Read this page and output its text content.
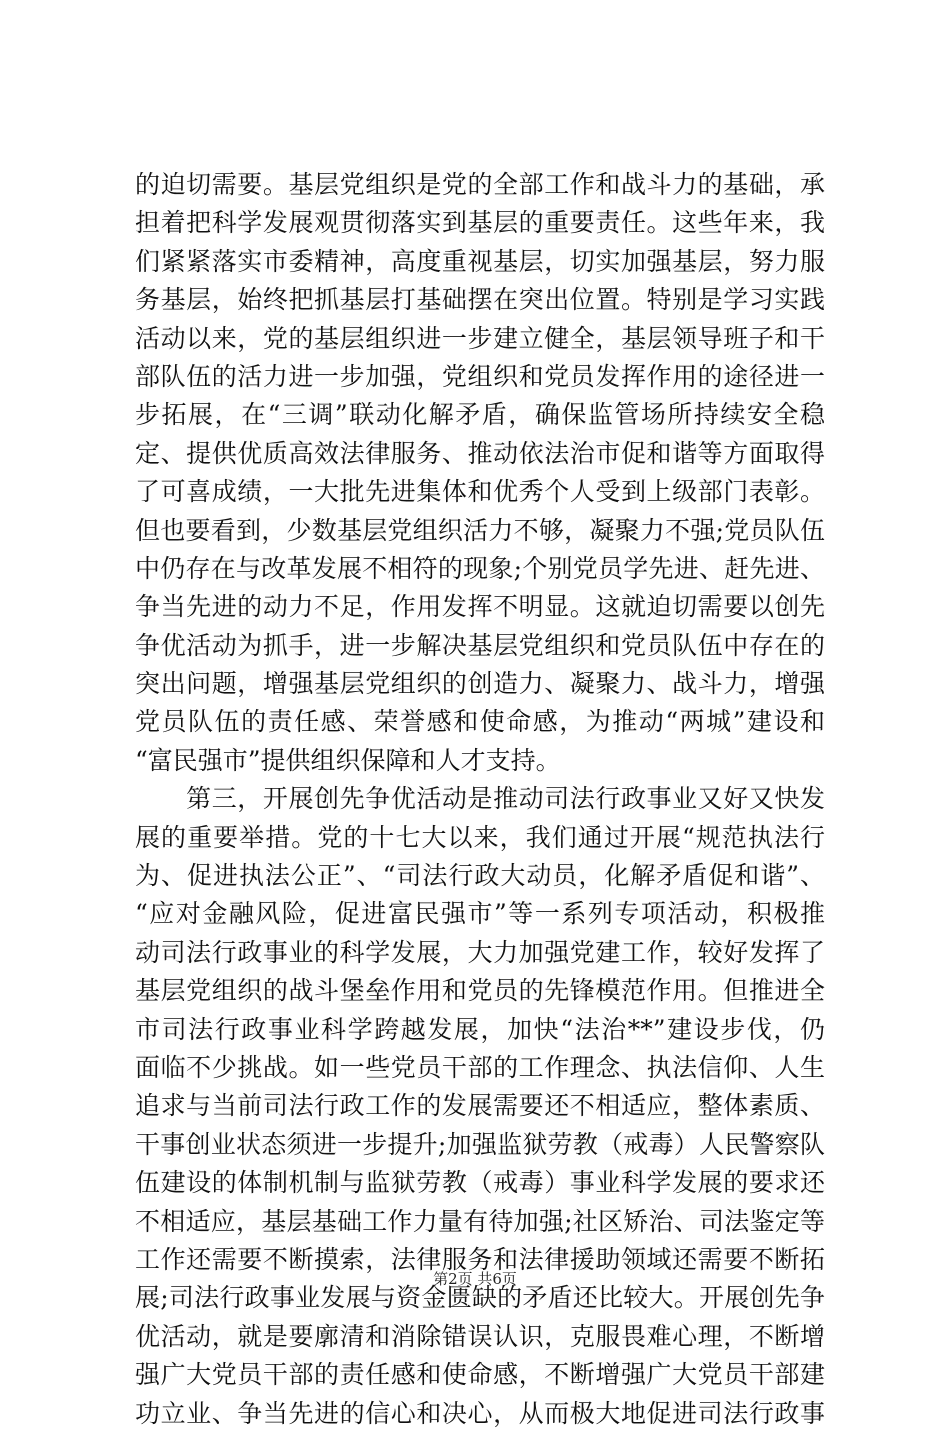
的迫切需要。基层党组织是党的全部工作和战斗力的基础，承
担着把科学发展观贯彻落实到基层的重要责任。这些年来，我
们紧紧落实市委精神，高度重视基层，切实加强基层，努力服
务基层，始终把抓基层打基础摆在突出位置。特别是学习实践
活动以来，党的基层组织进一步建立健全，基层领导班子和干
部队伍的活力进一步加强，党组织和党员发挥作用的途径进一
步拓展，在“三调”联动化解矛盾，确保监管场所持续安全稳
定、提供优质高效法律服务、推动依法治市促和谐等方面取得
了可喜成绩，一大批先进集体和优秀个人受到上级部门表彰。
但也要看到，少数基层党组织活力不够，凝聚力不强;党员队伍
中仍存在与改革发展不相符的现象;个别党员学先进、赶先进、
争当先进的动力不足，作用发挥不明显。这就迫切需要以创先
争优活动为抓手，进一步解决基层党组织和党员队伍中存在的
突出问题，增强基层党组织的创造力、凝聚力、战斗力，增强
党员队伍的责任感、荣誉感和使命感，为推动“两城”建设和
“富民强市”提供组织保障和人才支持。
　　第三，开展创先争优活动是推动司法行政事业又好又快发
展的重要举措。党的十七大以来，我们通过开展“规范执法行
为、促进执法公正”、“司法行政大动员，化解矛盾促和谐”、
“应对金融风险，促进富民强市”等一系列专项活动，积极推
动司法行政事业的科学发展，大力加强党建工作，较好发挥了
基层党组织的战斗堡垒作用和党员的先锋模范作用。但推进全
市司法行政事业科学跨越发展，加快“法治**”建设步伐，仍
面临不少挑战。如一些党员干部的工作理念、执法信仰、人生
追求与当前司法行政工作的发展需要还不相适应，整体素质、
干事创业状态须进一步提升;加强监狱劳教（戒毒）人民警察队
伍建设的体制机制与监狱劳教（戒毒）事业科学发展的要求还
不相适应，基层基础工作力量有待加强;社区矫治、司法鉴定等
工作还需要不断摸索，法律服务和法律援助领域还需要不断拓
展;司法行政事业发展与资金匮缺的矛盾还比较大。开展创先争
优活动，就是要廓清和消除错误认识，克服畏难心理，不断增
强广大党员干部的责任感和使命感，不断增强广大党员干部建
功立业、争当先进的信心和决心，从而极大地促进司法行政事
第2页 共6页
